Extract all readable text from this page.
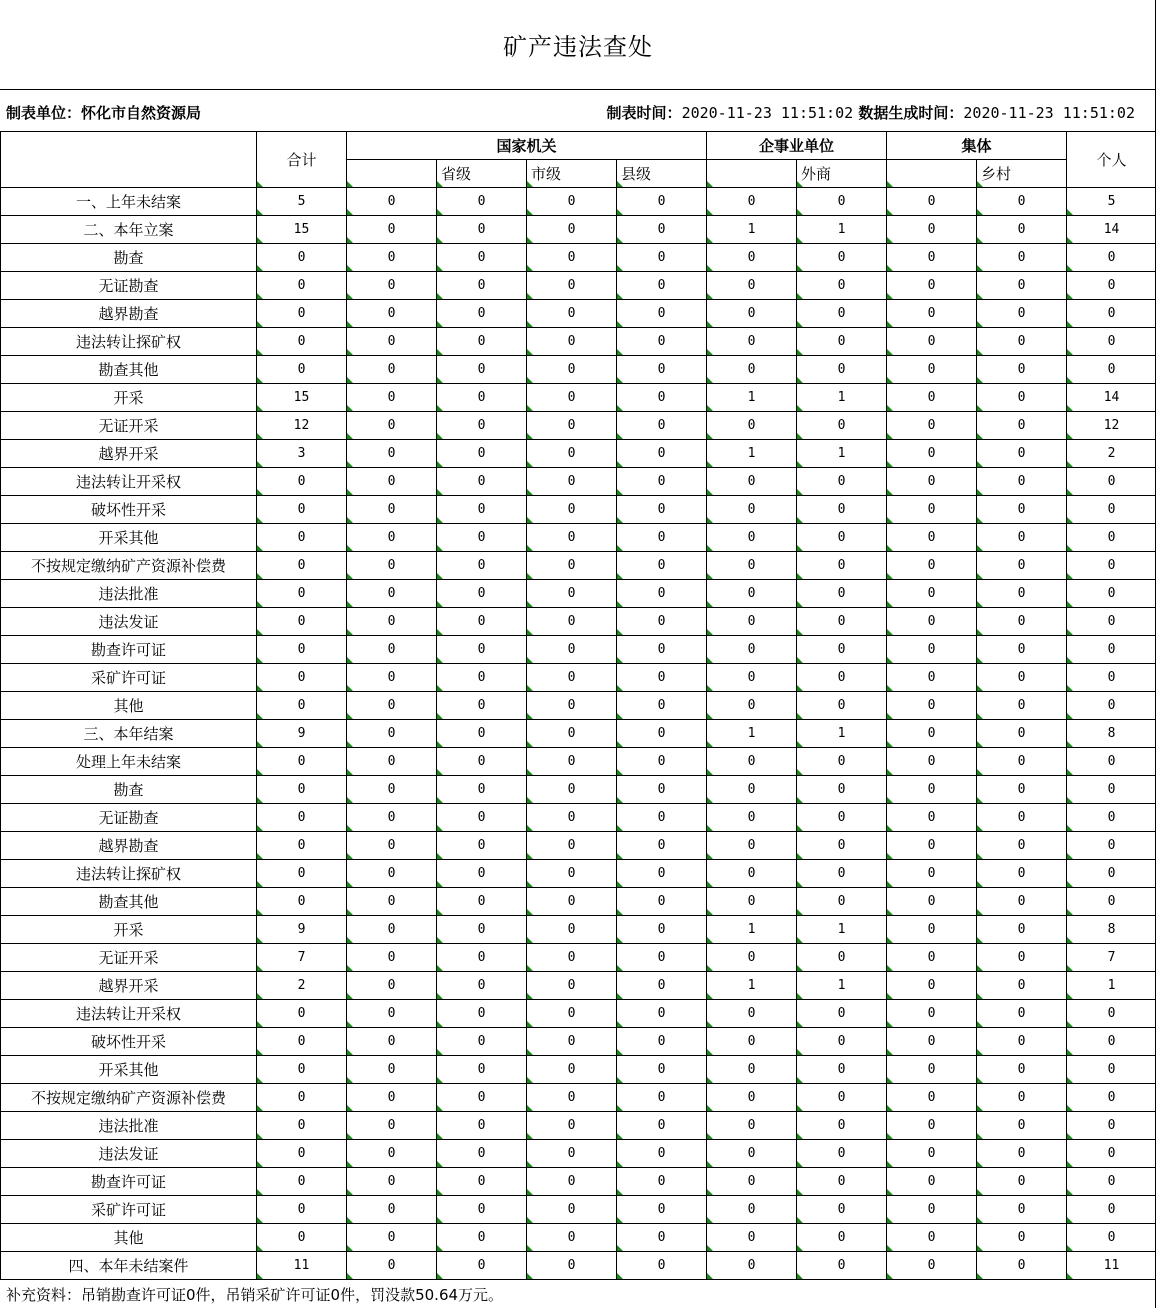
矿产违法查处
制表单位：怀化市自然资源局	制表时间：2020-11-23 11:51:02 数据生成时间：2020-11-23 11:51:02
	合计	国家机关				企事业单位		集体		个人
			省级	市级	县级		外商		乡村	
一、上年未结案	5	0	0	0	0	0	0	0	0	5
二、本年立案	15	0	0	0	0	1	1	0	0	14
勘查	0	0	0	0	0	0	0	0	0	0
无证勘查	0	0	0	0	0	0	0	0	0	0
越界勘查	0	0	0	0	0	0	0	0	0	0
违法转让探矿权	0	0	0	0	0	0	0	0	0	0
勘查其他	0	0	0	0	0	0	0	0	0	0
开采	15	0	0	0	0	1	1	0	0	14
无证开采	12	0	0	0	0	0	0	0	0	12
越界开采	3	0	0	0	0	1	1	0	0	2
违法转让开采权	0	0	0	0	0	0	0	0	0	0
破坏性开采	0	0	0	0	0	0	0	0	0	0
开采其他	0	0	0	0	0	0	0	0	0	0
不按规定缴纳矿产资源补偿费	0	0	0	0	0	0	0	0	0	0
违法批准	0	0	0	0	0	0	0	0	0	0
违法发证	0	0	0	0	0	0	0	0	0	0
勘查许可证	0	0	0	0	0	0	0	0	0	0
采矿许可证	0	0	0	0	0	0	0	0	0	0
其他	0	0	0	0	0	0	0	0	0	0
三、本年结案	9	0	0	0	0	1	1	0	0	8
处理上年未结案	0	0	0	0	0	0	0	0	0	0
勘查	0	0	0	0	0	0	0	0	0	0
无证勘查	0	0	0	0	0	0	0	0	0	0
越界勘查	0	0	0	0	0	0	0	0	0	0
违法转让探矿权	0	0	0	0	0	0	0	0	0	0
勘查其他	0	0	0	0	0	0	0	0	0	0
开采	9	0	0	0	0	1	1	0	0	8
无证开采	7	0	0	0	0	0	0	0	0	7
越界开采	2	0	0	0	0	1	1	0	0	1
违法转让开采权	0	0	0	0	0	0	0	0	0	0
破坏性开采	0	0	0	0	0	0	0	0	0	0
开采其他	0	0	0	0	0	0	0	0	0	0
不按规定缴纳矿产资源补偿费	0	0	0	0	0	0	0	0	0	0
违法批准	0	0	0	0	0	0	0	0	0	0
违法发证	0	0	0	0	0	0	0	0	0	0
勘查许可证	0	0	0	0	0	0	0	0	0	0
采矿许可证	0	0	0	0	0	0	0	0	0	0
其他	0	0	0	0	0	0	0	0	0	0
四、本年未结案件	11	0	0	0	0	0	0	0	0	11
补充资料：吊销勘查许可证0件，吊销采矿许可证0件，罚没款50.64万元。
